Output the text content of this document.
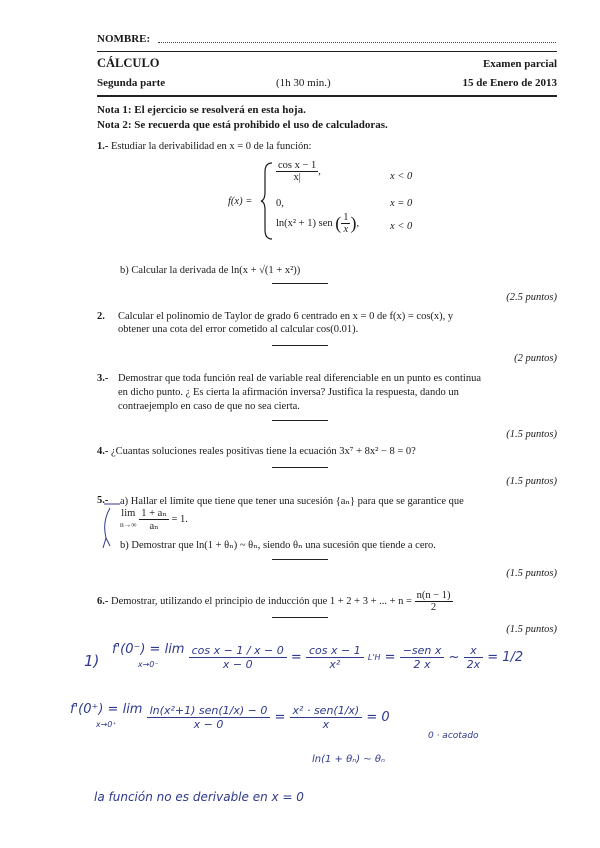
NOMBRE:
CÁLCULO	Examen parcial
Segunda parte	(1h 30 min.)	15 de Enero de 2013
Nota 1: El ejercicio se resolverá en esta hoja.
Nota 2: Se recuerda que está prohibido el uso de calculadoras.
1.- Estudiar la derivabilidad en x = 0 de la función:
f(x) =
$\frac{\text{cos x − 1}}{x|}$ ,	x < 0
0,	x = 0
ln(x² + 1) sen ( $\frac{1}{x}$ ),	x < 0
b) Calcular la derivada de ln(x + √(1 + x²))
(2.5 puntos)
2. Calcular el polinomio de Taylor de grado 6 centrado en x = 0 de f(x) = cos(x), y
obtener una cota del error cometido al calcular cos(0.01).
(2 puntos)
3.- Demostrar que toda función real de variable real diferenciable en un punto es continua
en dicho punto. ¿ Es cierta la afirmación inversa? Justifica la respuesta, dando un
contraejemplo en caso de que no sea cierta.
(1.5 puntos)
4.- ¿Cuantas soluciones reales positivas tiene la ecuación 3x⁷ + 8x² − 8 = 0?
(1.5 puntos)
5.- a) Hallar el límite que tiene que tener una sucesión {aₙ} para que se garantice que
lim
$n\to\infty \frac{\text{1 + aₙ}}{\text{aₙ}} = 1$.
b) Demostrar que ln(1 + θₙ) ~ θₙ, siendo θₙ una sucesión que tiende a cero.
(1.5 puntos)
6.- Demostrar, utilizando el principio de inducción que 1 + 2 + 3 + ... + $n = \frac{n(n - 1)}{2}$
(1.5 puntos)
1)
f'(0⁻) = lim
x→0⁻	$\frac{\text{cos x − 1 / x − 0}}{x - 0} = \frac{\text{cos x − 1}}{\text{x²}} L'H = \frac{\text{−sen x}}{2 x}$ ~ $\frac{x}{2x} = 1/2$
f'(0⁺) = lim
x→0⁺	$\frac{\text{ln(x²+1) sen(1/x) − 0}}{x - 0} = \frac{\text{x² · sen(1/x)}}{x} = 0$
0 · acotado
ln(1 + θₙ) ~ θₙ
la función no es derivable en x = 0
